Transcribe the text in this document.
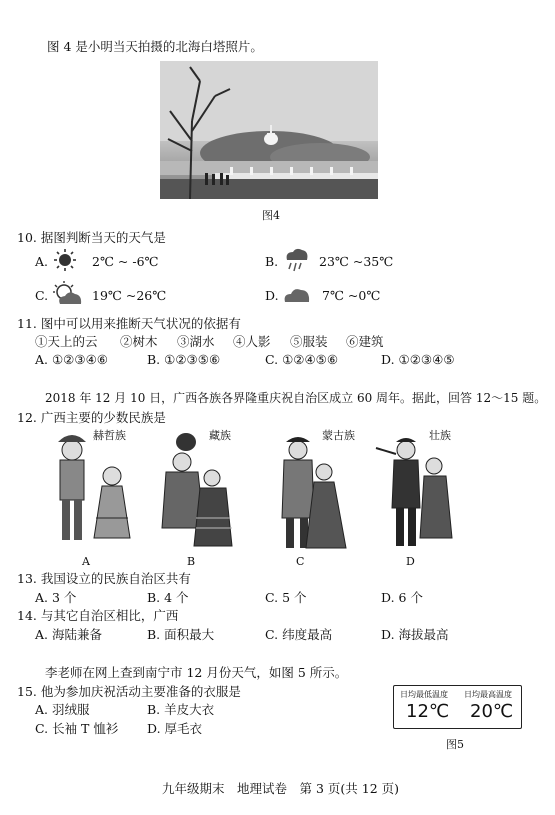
图 4 是小明当天拍摄的北海白塔照片。
图4
10. 据图判断当天的天气是
A.	2℃ ~ -6℃	B.	23℃ ~35℃
C.	19℃ ~26℃	D.	7℃ ~0℃
11. 图中可以用来推断天气状况的依据有
①天上的云 ②树木 ③湖水 ④人影 ⑤服装 ⑥建筑
A. ①②③④⑥	B. ①②③⑤⑥	C. ①②④⑤⑥	D. ①②③④⑤
2018 年 12 月 10 日，广西各族各界隆重庆祝自治区成立 60 周年。据此，回答 12～15 题。
12. 广西主要的少数民族是
赫哲族	藏族	蒙古族	壮族
A	B	C	D
13. 我国设立的民族自治区共有
A. 3 个	B. 4 个	C. 5 个	D. 6 个
14. 与其它自治区相比，广西
A. 海陆兼备	B. 面积最大	C. 纬度最高	D. 海拔最高
李老师在网上查到南宁市 12 月份天气，如图 5 所示。
15. 他为参加庆祝活动主要准备的衣服是
A. 羽绒服	B. 羊皮大衣
C. 长袖 T 恤衫 D. 厚毛衣
日均最低温度 日均最高温度
12℃ 20℃
图5
九年级期末　地理试卷　第 3 页(共 12 页)
